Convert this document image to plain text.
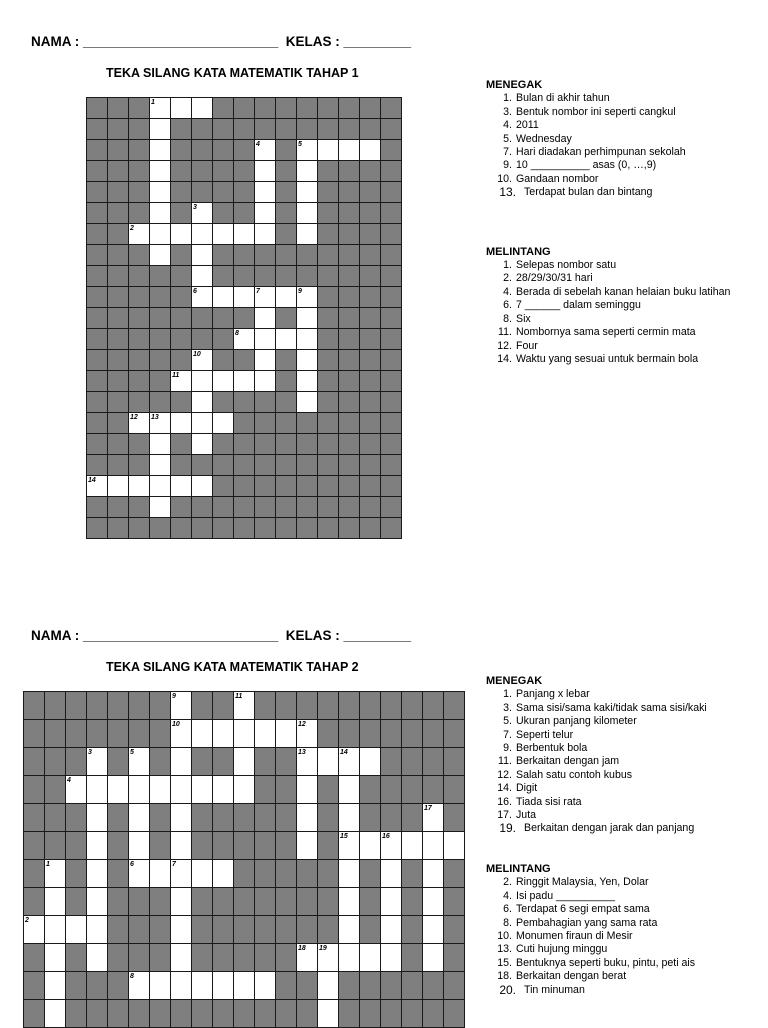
NAMA : __________________________ KELAS : _________
TEKA SILANG KATA MATEMATIK TAHAP 1
1
4	5
3
2
6	7	9
8
10
11
12 13
14
MENEGAK
1. Bulan di akhir tahun
3. Bentuk nombor ini seperti cangkul
4. 2011
5. Wednesday
7. Hari diadakan perhimpunan sekolah
9. 10 __________ asas (0, …,9)
10. Gandaan nombor
13. Terdapat bulan dan bintang
MELINTANG
1. Selepas nombor satu
2. 28/29/30/31 hari
4. Berada di sebelah kanan helaian buku latihan
6. 7 ______ dalam seminggu
8. Six
11. Nombornya sama seperti cermin mata
12. Four
14. Waktu yang sesuai untuk bermain bola
NAMA : __________________________ KELAS : _________
TEKA SILANG KATA MATEMATIK TAHAP 2
9	11
10	12
3	5	13	14
4
17
15	16
1	6	7
2
18 19
8
MENEGAK
1. Panjang x lebar
3. Sama sisi/sama kaki/tidak sama sisi/kaki
5. Ukuran panjang kilometer
7. Seperti telur
9. Berbentuk bola
11. Berkaitan dengan jam
12. Salah satu contoh kubus
14. Digit
16. Tiada sisi rata
17. Juta
19. Berkaitan dengan jarak dan panjang
MELINTANG
2. Ringgit Malaysia, Yen, Dolar
4. Isi padu __________
6. Terdapat 6 segi empat sama
8. Pembahagian yang sama rata
10. Monumen firaun di Mesir
13. Cuti hujung minggu
15. Bentuknya seperti buku, pintu, peti ais
18. Berkaitan dengan berat
20. Tin minuman
